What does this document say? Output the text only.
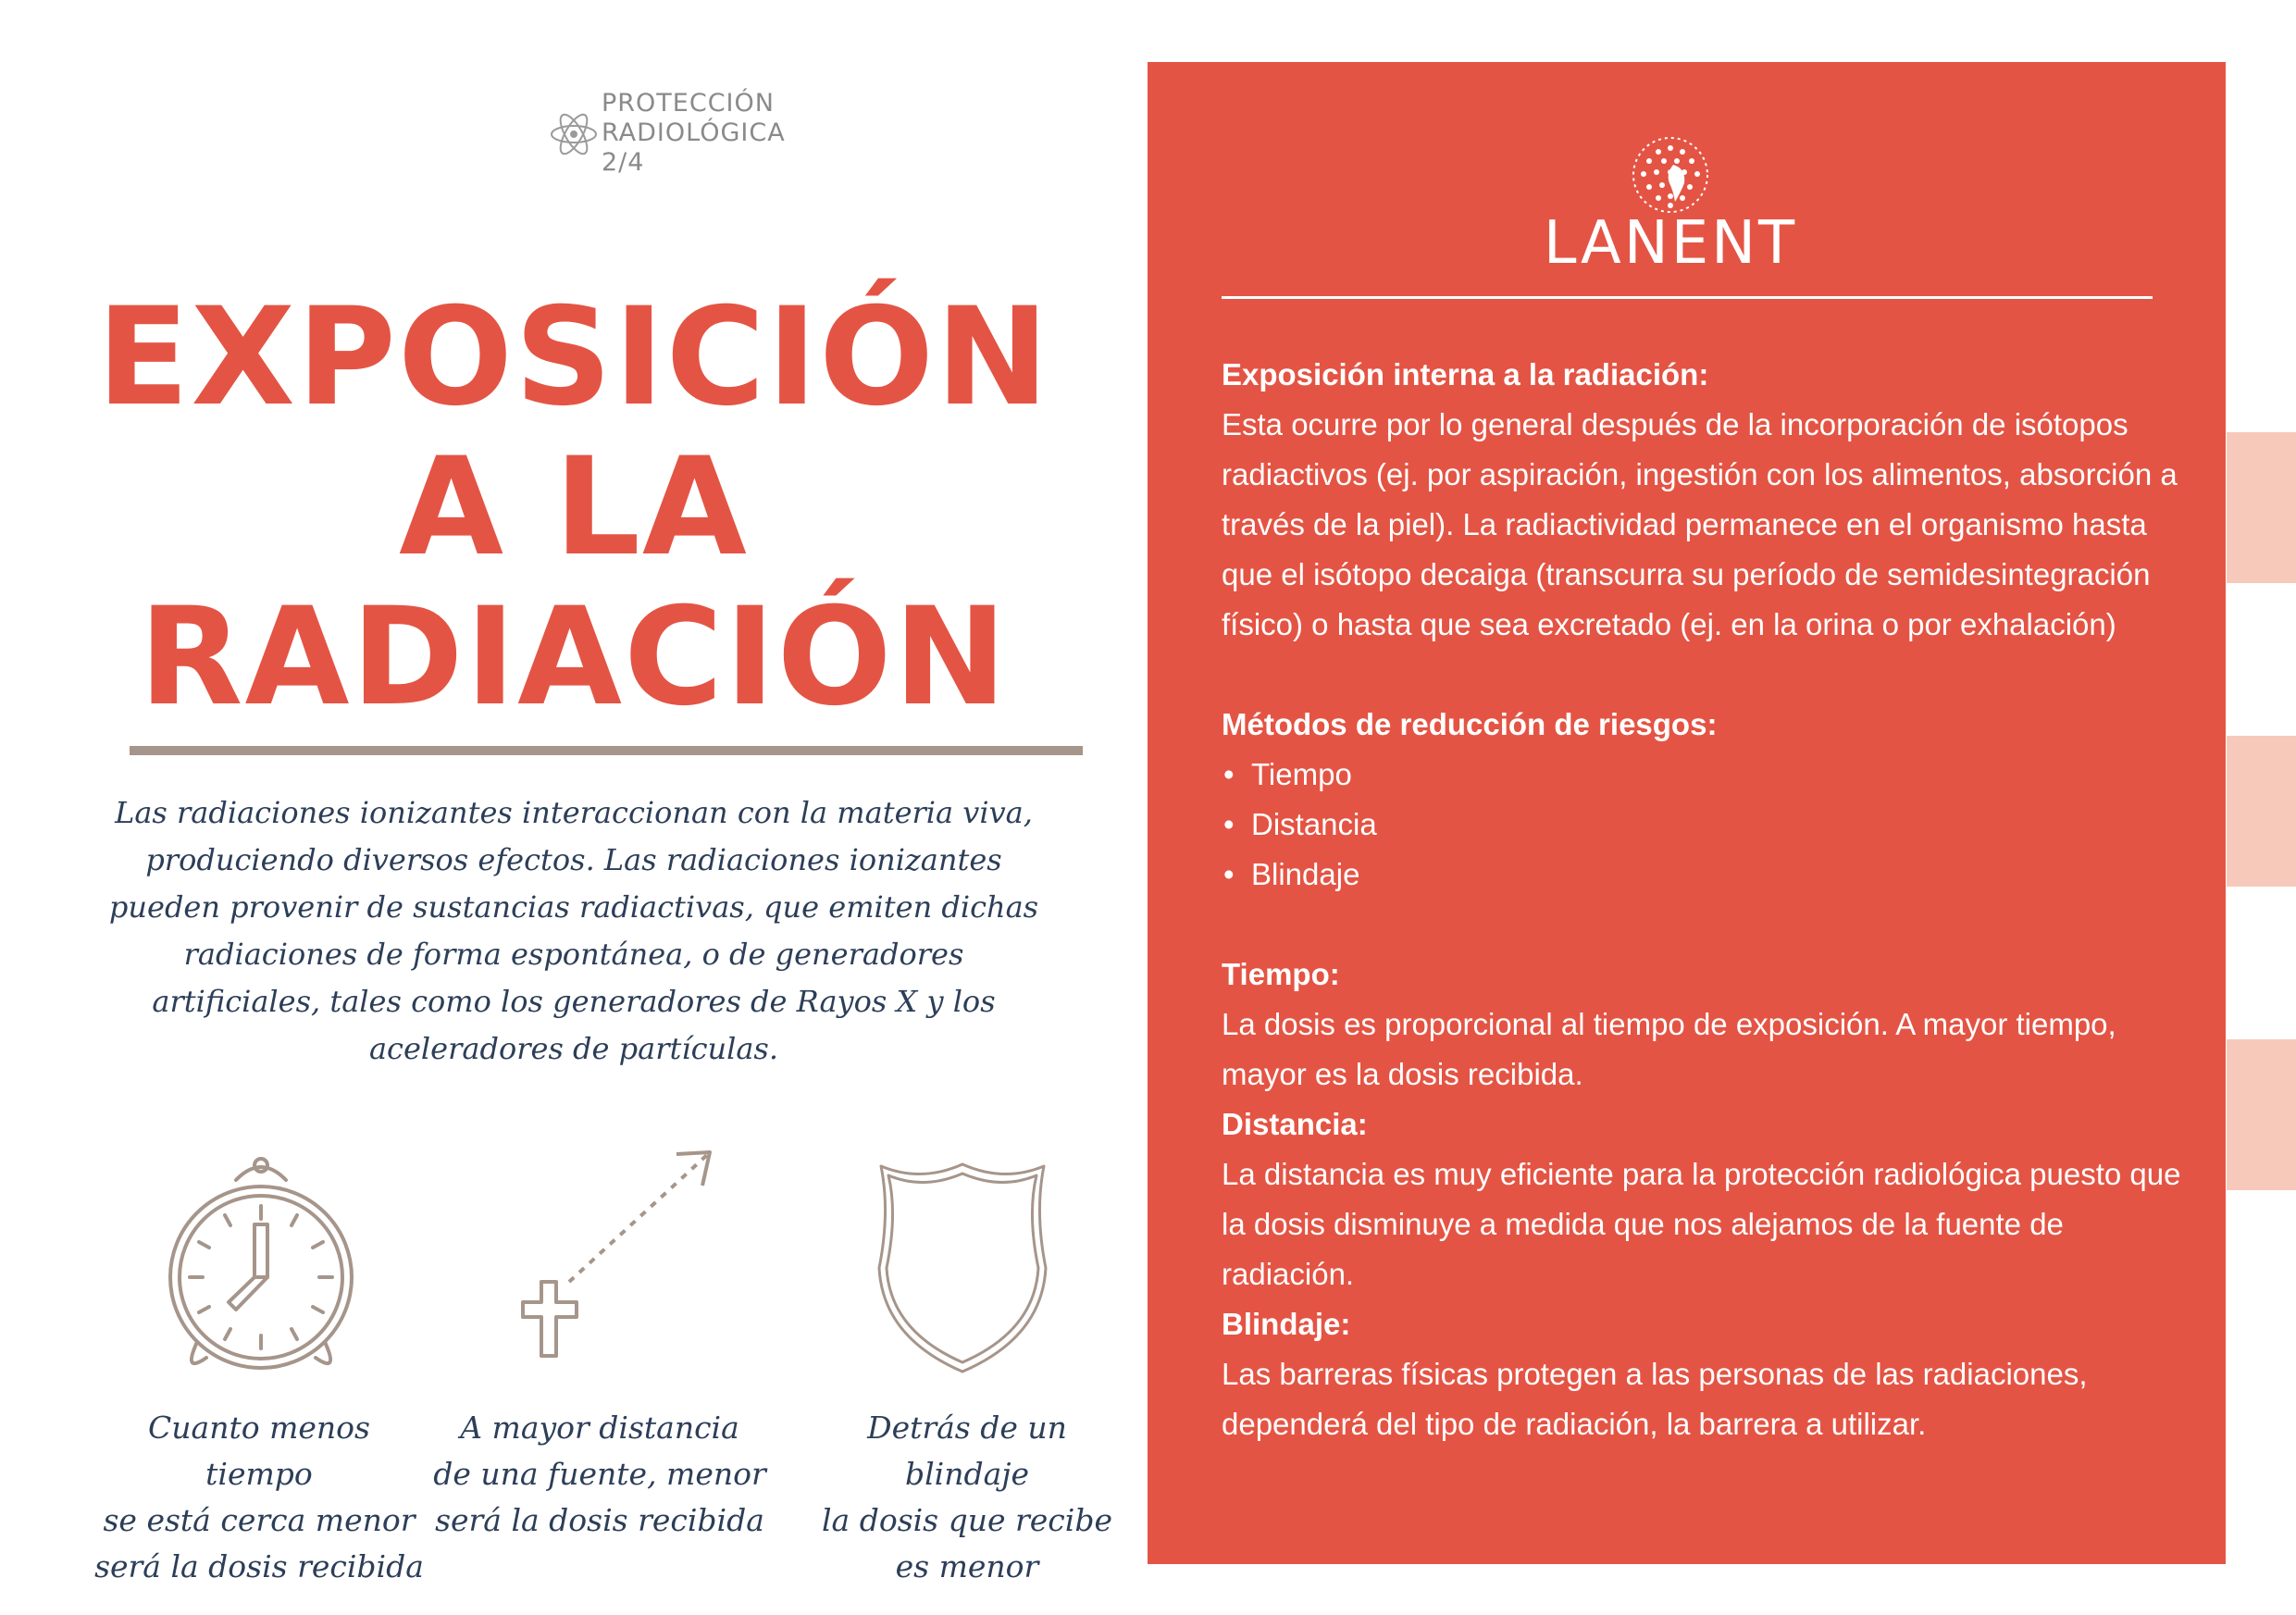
PROTECCIÓN
RADIOLÓGICA
2/4
EXPOSICIÓN
A LA
RADIACIÓN
Las radiaciones ionizantes interaccionan con la materia viva, produciendo diversos efectos. Las radiaciones ionizantes pueden provenir de sustancias radiactivas, que emiten dichas radiaciones de forma espontánea, o de generadores artificiales, tales como los generadores de Rayos X y los aceleradores de partículas.
Cuanto menos tiempo
se está cerca menor
será la dosis recibida
A mayor distancia
de una fuente, menor
será la dosis recibida
Detrás de un blindaje
la dosis que recibe
es menor
LANENT

Exposición interna a la radiación:

Esta ocurre por lo general después de la incorporación de isótopos radiactivos (ej. por aspiración, ingestión con los alimentos, absorción a través de la piel). La radiactividad permanece en el organismo hasta que el isótopo decaiga (transcurra su período de semidesintegración físico) o hasta que sea excretado (ej. en la orina o por exhalación)

Métodos de reducción de riesgos:

• Tiempo
• Distancia
• Blindaje

Tiempo:

La dosis es proporcional al tiempo de exposición. A mayor tiempo, mayor es la dosis recibida.

Distancia:

La distancia es muy eficiente para la protección radiológica puesto que la dosis disminuye a medida que nos alejamos de la fuente de radiación.

Blindaje:

Las barreras físicas protegen a las personas de las radiaciones, dependerá del tipo de radiación, la barrera a utilizar.
